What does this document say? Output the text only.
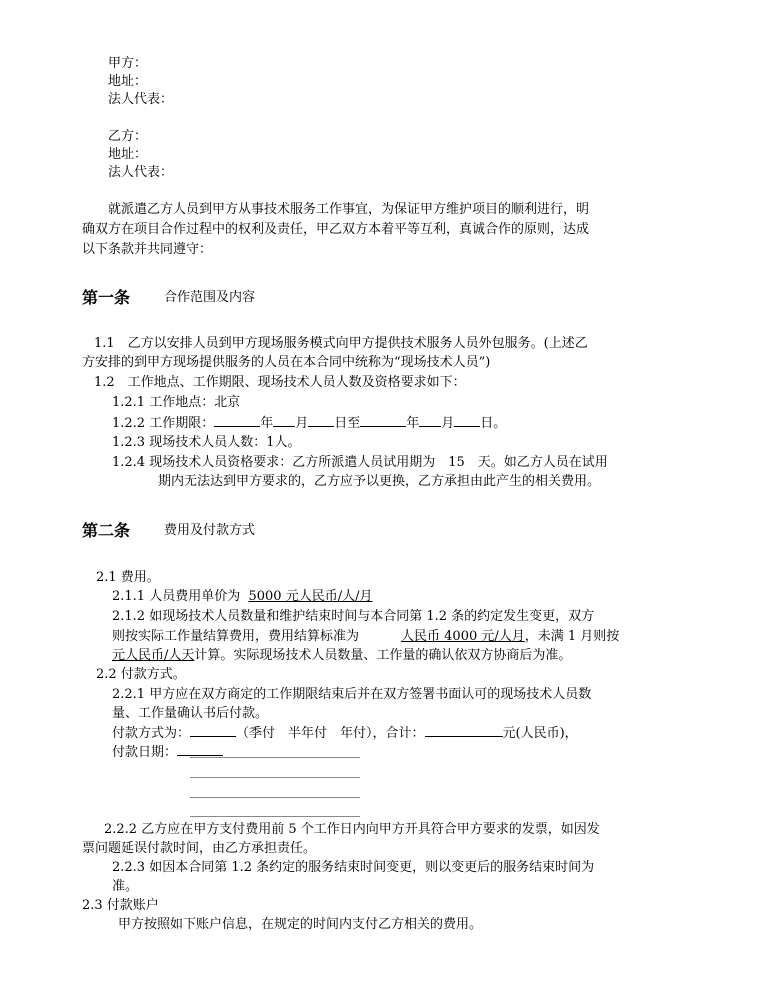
甲方：
地址：
法人代表：
乙方：
地址：
法人代表：
就派遣乙方人员到甲方从事技术服务工作事宜，为保证甲方维护项目的顺利进行，明
确双方在项目合作过程中的权利及责任，甲乙双方本着平等互利，真诚合作的原则，达成
以下条款并共同遵守：
第一条	合作范围及内容
1.1　乙方以安排人员到甲方现场服务模式向甲方提供技术服务人员外包服务。(上述乙
方安排的到甲方现场提供服务的人员在本合同中统称为“现场技术人员”)
1.2　工作地点、工作期限、现场技术人员人数及资格要求如下：
1.2.1 工作地点：北京
1.2.2 工作期限：	年 月 日至	年 月 日。
1.2.3 现场技术人员人数：1人。
1.2.4 现场技术人员资格要求：乙方所派遣人员试用期为　15　天。如乙方人员在试用
期内无法达到甲方要求的，乙方应予以更换，乙方承担由此产生的相关费用。
第二条	费用及付款方式
2.1 费用。
2.1.1 人员费用单价为 5000 元人民币/人/月
2.1.2 如现场技术人员数量和维护结束时间与本合同第 1.2 条的约定发生变更，双方
则按实际工作量结算费用，费用结算标准为	人民币 4000 元/人月，未满 1 月则按
元人民币/人天计算。实际现场技术人员数量、工作量的确认依双方协商后为准。
2.2 付款方式。
2.2.1 甲方应在双方商定的工作期限结束后并在双方签署书面认可的现场技术人员数
量、工作量确认书后付款。
付款方式为：	（季付　半年付　年付），合计：	元(人民币)，
付款日期：
2.2.2 乙方应在甲方支付费用前 5 个工作日内向甲方开具符合甲方要求的发票，如因发
票问题延误付款时间，由乙方承担责任。
2.2.3 如因本合同第 1.2 条约定的服务结束时间变更，则以变更后的服务结束时间为
准。
2.3 付款账户
甲方按照如下账户信息，在规定的时间内支付乙方相关的费用。
